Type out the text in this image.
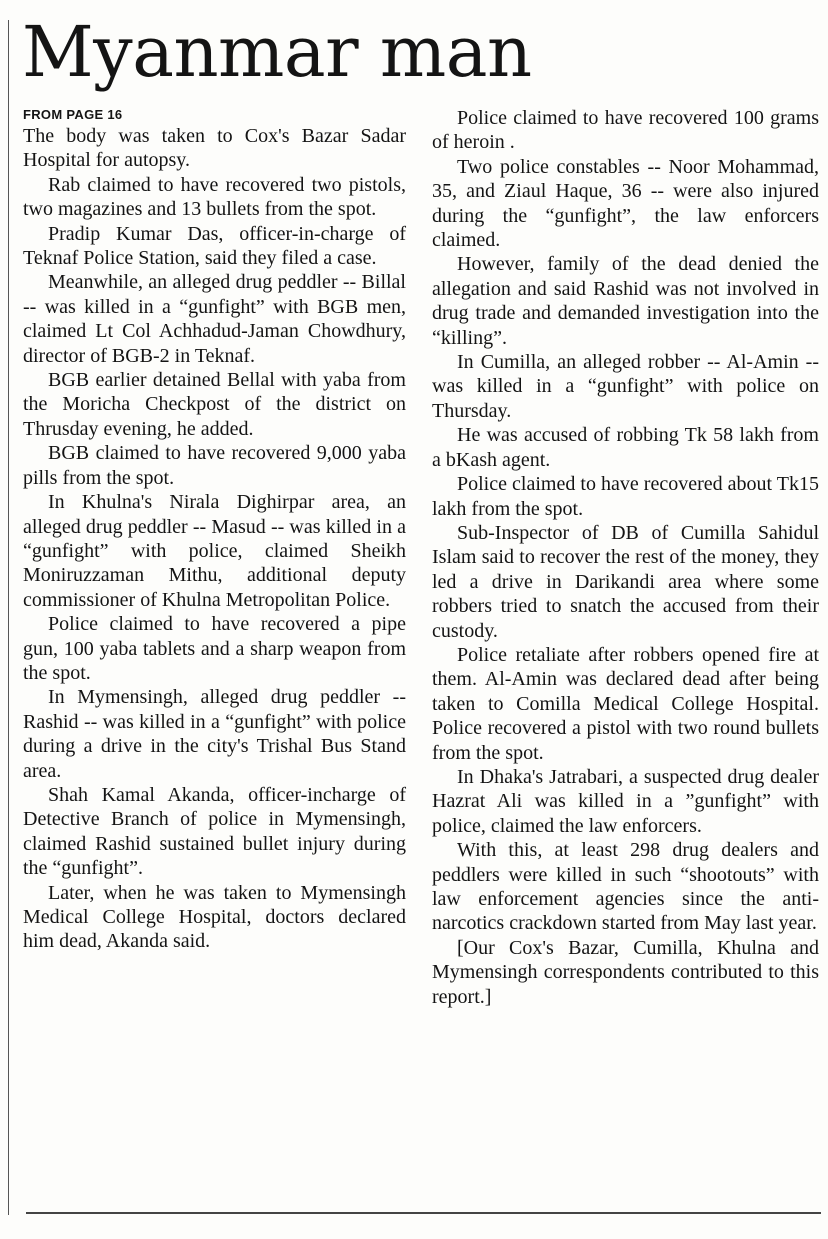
Myanmar man
FROM PAGE 16

The body was taken to Cox's Bazar Sadar Hospital for autopsy.

Rab claimed to have recovered two pistols, two magazines and 13 bullets from the spot.

Pradip Kumar Das, officer-in-charge of Teknaf Police Station, said they filed a case.

Meanwhile, an alleged drug peddler -- Billal -- was killed in a “gunfight” with BGB men, claimed Lt Col Achhadud-Jaman Chowdhury, director of BGB-2 in Teknaf.

BGB earlier detained Bellal with yaba from the Moricha Checkpost of the district on Thrusday evening, he added.

BGB claimed to have recovered 9,000 yaba pills from the spot.

In Khulna's Nirala Dighirpar area, an alleged drug peddler -- Masud -- was killed in a “gunfight” with police, claimed Sheikh Moniruzzaman Mithu, additional deputy commissioner of Khulna Metropolitan Police.

Police claimed to have recovered a pipe gun, 100 yaba tablets and a sharp weapon from the spot.

In Mymensingh, alleged drug peddler -- Rashid -- was killed in a “gunfight” with police during a drive in the city's Trishal Bus Stand area.

Shah Kamal Akanda, officer-incharge of Detective Branch of police in Mymensingh, claimed Rashid sustained bullet injury during the “gunfight”.

Later, when he was taken to Mymensingh Medical College Hospital, doctors declared him dead, Akanda said.

Police claimed to have recovered 100 grams of heroin .

Two police constables -- Noor Mohammad, 35, and Ziaul Haque, 36 -- were also injured during the “gunfight”, the law enforcers claimed.

However, family of the dead denied the allegation and said Rashid was not involved in drug trade and demanded investigation into the “killing”.

In Cumilla, an alleged robber -- Al-Amin -- was killed in a “gunfight” with police on Thursday.

He was accused of robbing Tk 58 lakh from a bKash agent.

Police claimed to have recovered about Tk15 lakh from the spot.

Sub-Inspector of DB of Cumilla Sahidul Islam said to recover the rest of the money, they led a drive in Darikandi area where some robbers tried to snatch the accused from their custody.

Police retaliate after robbers opened fire at them. Al-Amin was declared dead after being taken to Comilla Medical College Hospital. Police recovered a pistol with two round bullets from the spot.

In Dhaka's Jatrabari, a suspected drug dealer Hazrat Ali was killed in a ”gunfight” with police, claimed the law enforcers.

With this, at least 298 drug dealers and peddlers were killed in such “shootouts” with law enforcement agencies since the anti-narcotics crackdown started from May last year.

[Our Cox's Bazar, Cumilla, Khulna and Mymensingh correspondents contributed to this report.]
